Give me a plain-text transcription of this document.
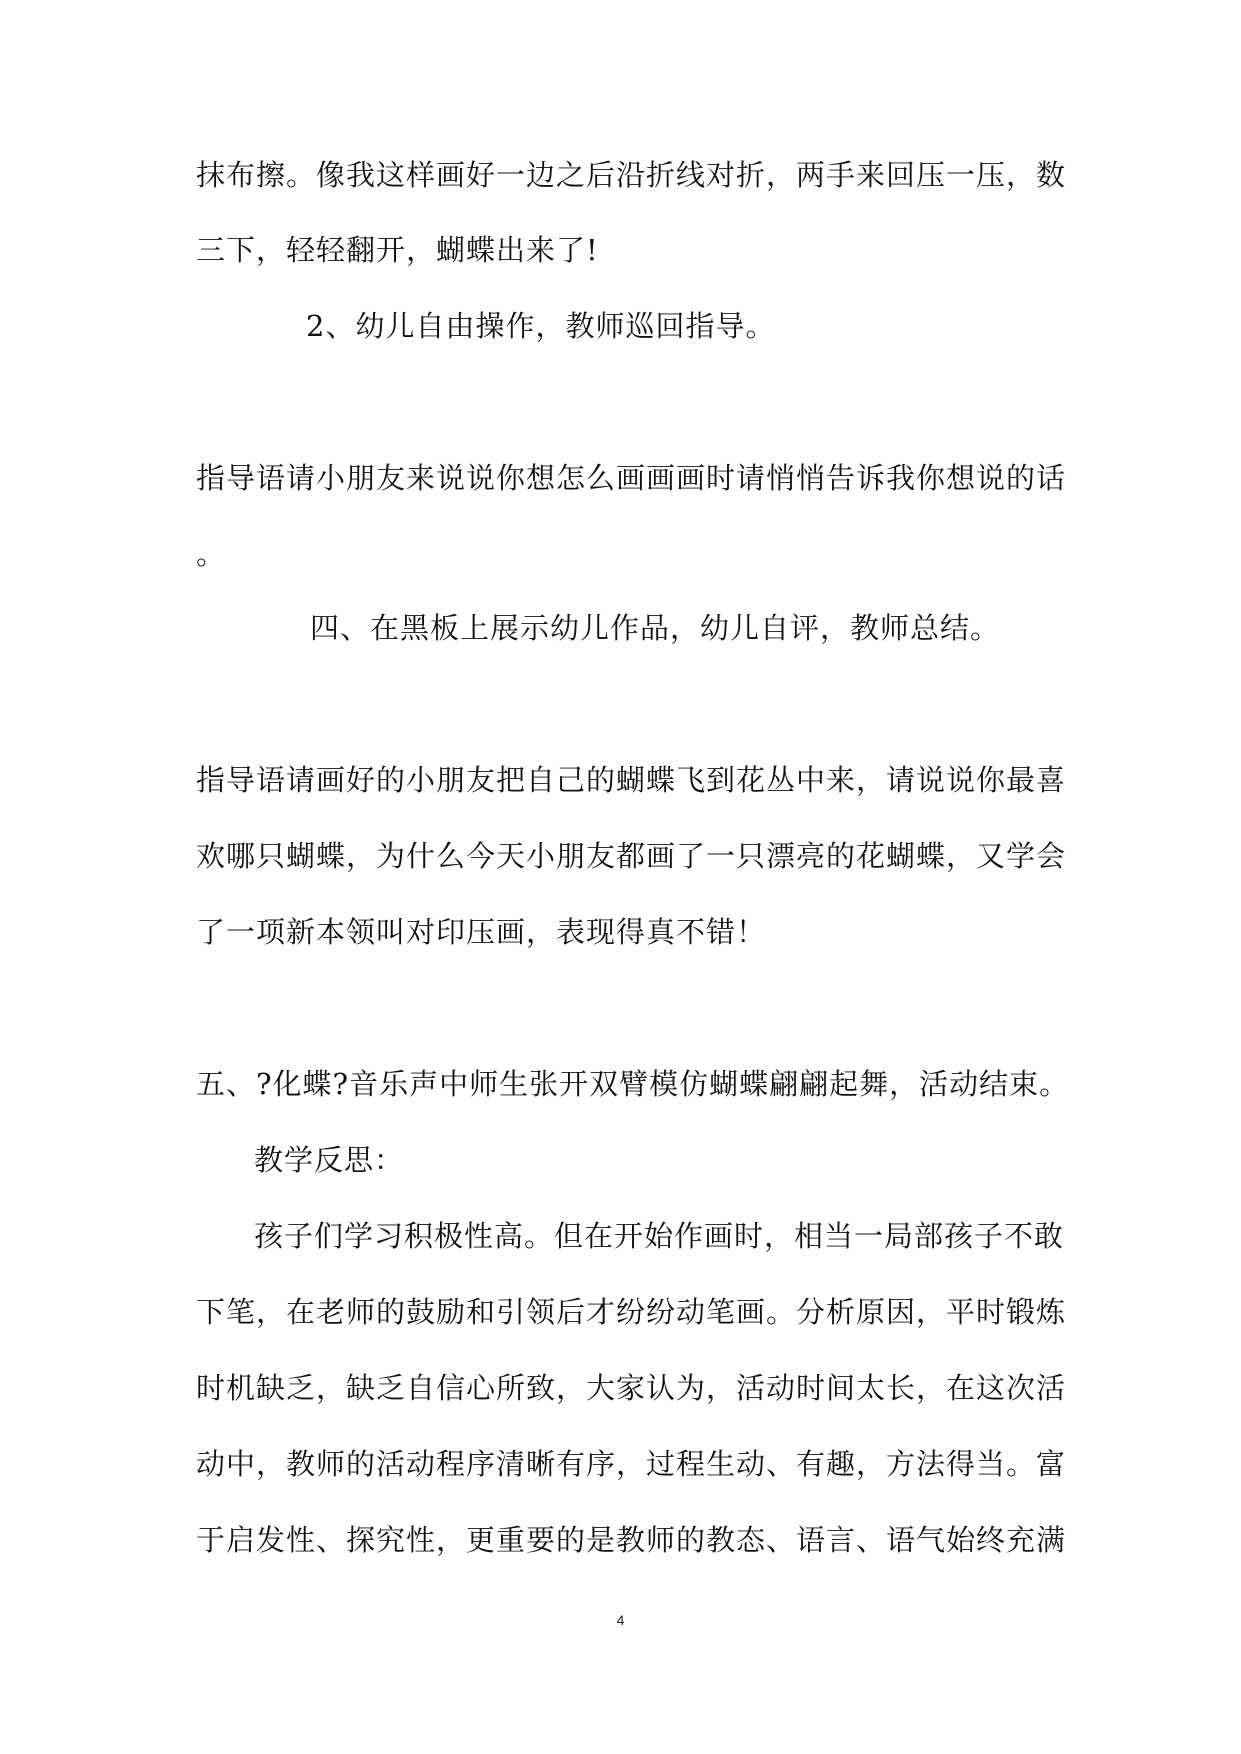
抹布擦。像我这样画好一边之后沿折线对折，两手来回压一压，数
三下，轻轻翻开，蝴蝶出来了!
2、幼儿自由操作，教师巡回指导。
指导语请小朋友来说说你想怎么画画画时请悄悄告诉我你想说的话
。
四、在黑板上展示幼儿作品，幼儿自评，教师总结。
指导语请画好的小朋友把自己的蝴蝶飞到花丛中来，请说说你最喜
欢哪只蝴蝶，为什么今天小朋友都画了一只漂亮的花蝴蝶，又学会
了一项新本领叫对印压画，表现得真不错！
五、?化蝶?音乐声中师生张开双臂模仿蝴蝶翩翩起舞，活动结束。
教学反思：
孩子们学习积极性高。但在开始作画时，相当一局部孩子不敢
下笔，在老师的鼓励和引领后才纷纷动笔画。分析原因，平时锻炼
时机缺乏，缺乏自信心所致，大家认为，活动时间太长，在这次活
动中，教师的活动程序清晰有序，过程生动、有趣，方法得当。富
于启发性、探究性，更重要的是教师的教态、语言、语气始终充满
4
